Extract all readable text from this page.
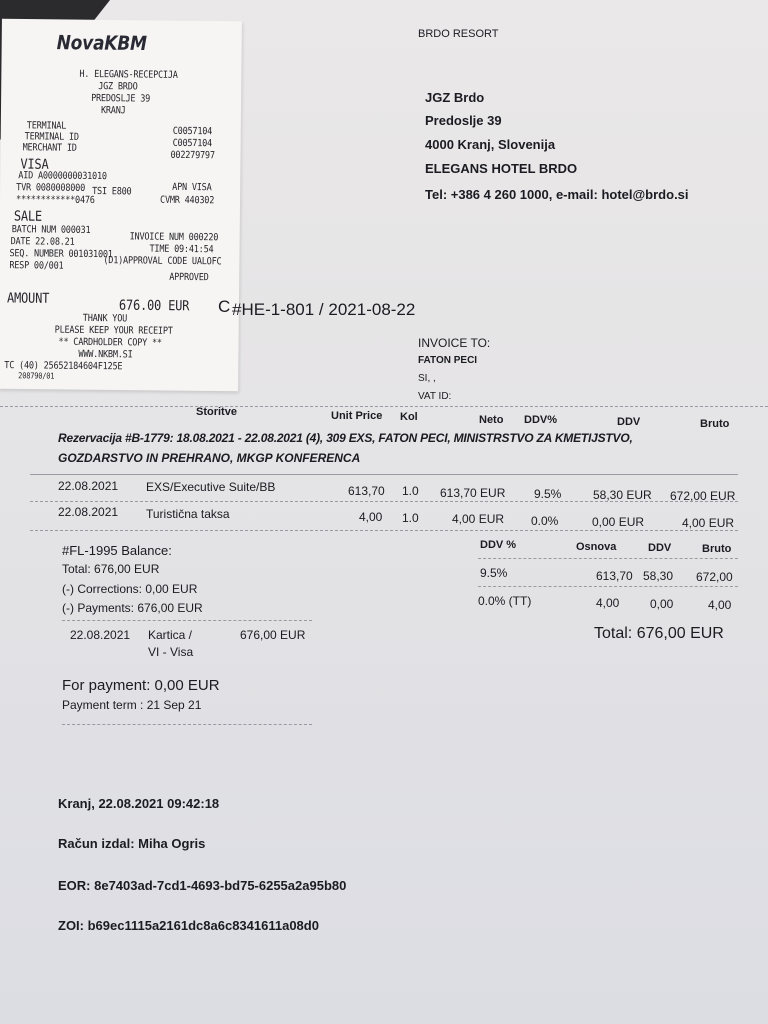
BRDO RESORT
JGZ Brdo
Predoslje 39
4000 Kranj, Slovenija
ELEGANS HOTEL BRDO
Tel: +386 4 260 1000, e-mail: hotel@brdo.si
NovaKBM
H. ELEGANS-RECEPCIJA
JGZ BRDO
PREDOSLJE 39
KRANJ
TERMINAL	C0057104
TERMINAL ID
C0057104
MERCHANT ID
002279797
VISA
AID A0000000031010
TVR 0080008000 TSI E800	APN VISA
************0476	CVMR 440302
SALE
BATCH NUM 000031
INVOICE NUM 000220
DATE 22.08.21
TIME 09:41:54
SEQ. NUMBER 001031001
(D1)APPROVAL CODE UALOFC
RESP 00/001
APPROVED
AMOUNT	676.00 EUR
THANK YOU
PLEASE KEEP YOUR RECEIPT
** CARDHOLDER COPY **
WWW.NKBM.SI
TC (40) 25652184604F125E
208790/01
C #HE-1-801 / 2021-08-22
INVOICE TO:
FATON PECI
SI, ,
VAT ID:
Storitve	Unit Price Kol	Neto DDV%	DDV	Bruto
Rezervacija #B-1779: 18.08.2021 - 22.08.2021 (4), 309 EXS, FATON PECI, MINISTRSTVO ZA KMETIJSTVO,
GOZDARSTVO IN PREHRANO, MKGP KONFERENCA
22.08.2021 EXS/Executive Suite/BB	613,70 1.0 613,70 EUR 9.5%	58,30 EUR 672,00 EUR
22.08.2021 Turistična taksa	4,00 1.0	4,00 EUR 0.0%	0,00 EUR	4,00 EUR
#FL-1995 Balance:
Total: 676,00 EUR
(-) Corrections: 0,00 EUR
(-) Payments: 676,00 EUR
22.08.2021 Kartica /
VI - Visa
676,00 EUR
DDV %	Osnova	DDV	Bruto
9.5%	613,70 58,30 672,00
0.0% (TT)	4,00	0,00	4,00
Total: 676,00 EUR
For payment: 0,00 EUR
Payment term : 21 Sep 21
Kranj, 22.08.2021 09:42:18
Račun izdal: Miha Ogris
EOR: 8e7403ad-7cd1-4693-bd75-6255a2a95b80
ZOI: b69ec1115a2161dc8a6c8341611a08d0
